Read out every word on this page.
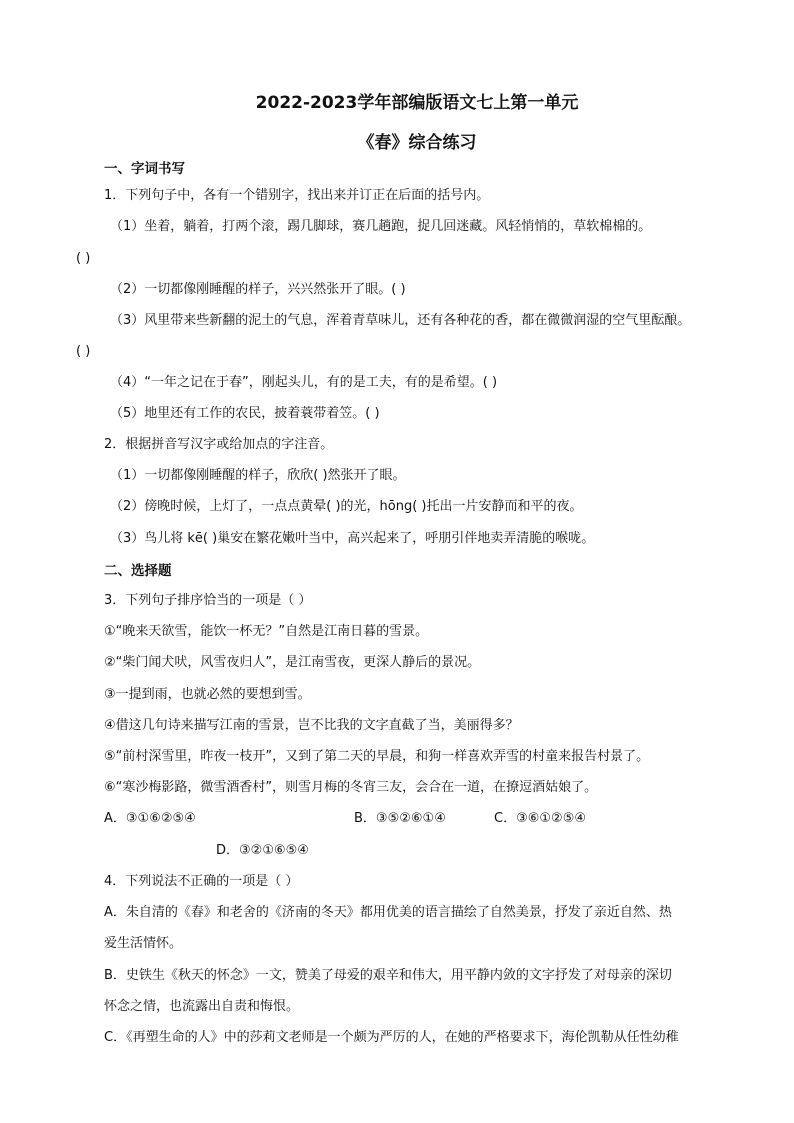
2022-2023学年部编版语文七上第一单元
《春》综合练习
一、字词书写
1．下列句子中，各有一个错别字，找出来并订正在后面的括号内。
（1）坐着，躺着，打两个滚，踢几脚球，赛几趟跑，捉几回迷藏。风轻悄悄的，草软棉棉的。
( )
（2）一切都像刚睡醒的样子，兴兴然张开了眼。( )
（3）风里带来些新翻的泥土的气息，浑着青草味儿，还有各种花的香，都在微微润湿的空气里酝酿。
( )
（4）“一年之记在于春”，刚起头儿，有的是工夫，有的是希望。( )
（5）地里还有工作的农民，披着蓑带着笠。( )
2．根据拼音写汉字或给加点的字注音。
（1）一切都像刚睡醒的样子，欣欣( )然张开了眼。
（2）傍晚时候，上灯了，一点点黄晕( )的光，hōng( )托出一片安静而和平的夜。
（3）鸟儿将 kē( )巢安在繁花嫩叶当中，高兴起来了，呼朋引伴地卖弄清脆的喉咙。
二、选择题
3．下列句子排序恰当的一项是（ ）
①“晚来天欲雪，能饮一杯无？”自然是江南日暮的雪景。
②“柴门闻犬吠，风雪夜归人”，是江南雪夜，更深人静后的景况。
③一提到雨，也就必然的要想到雪。
④借这几句诗来描写江南的雪景，岂不比我的文字直截了当，美丽得多？
⑤“前村深雪里，昨夜一枝开”，又到了第二天的早晨，和狗一样喜欢弄雪的村童来报告村景了。
⑥“寒沙梅影路，微雪酒香村”，则雪月梅的冬宵三友，会合在一道，在撩逗酒姑娘了。
A．③①⑥②⑤④	B．③⑤②⑥①④	C．③⑥①②⑤④
D．③②①⑥⑤④
4．下列说法不正确的一项是（ ）
A．朱自清的《春》和老舍的《济南的冬天》都用优美的语言描绘了自然美景，抒发了亲近自然、热
爱生活情怀。
B．史铁生《秋天的怀念》一文，赞美了母爱的艰辛和伟大，用平静内敛的文字抒发了对母亲的深切
怀念之情，也流露出自责和悔恨。
C．《再塑生命的人》中的莎莉文老师是一个颇为严厉的人，在她的严格要求下，海伦凯勒从任性幼稚
